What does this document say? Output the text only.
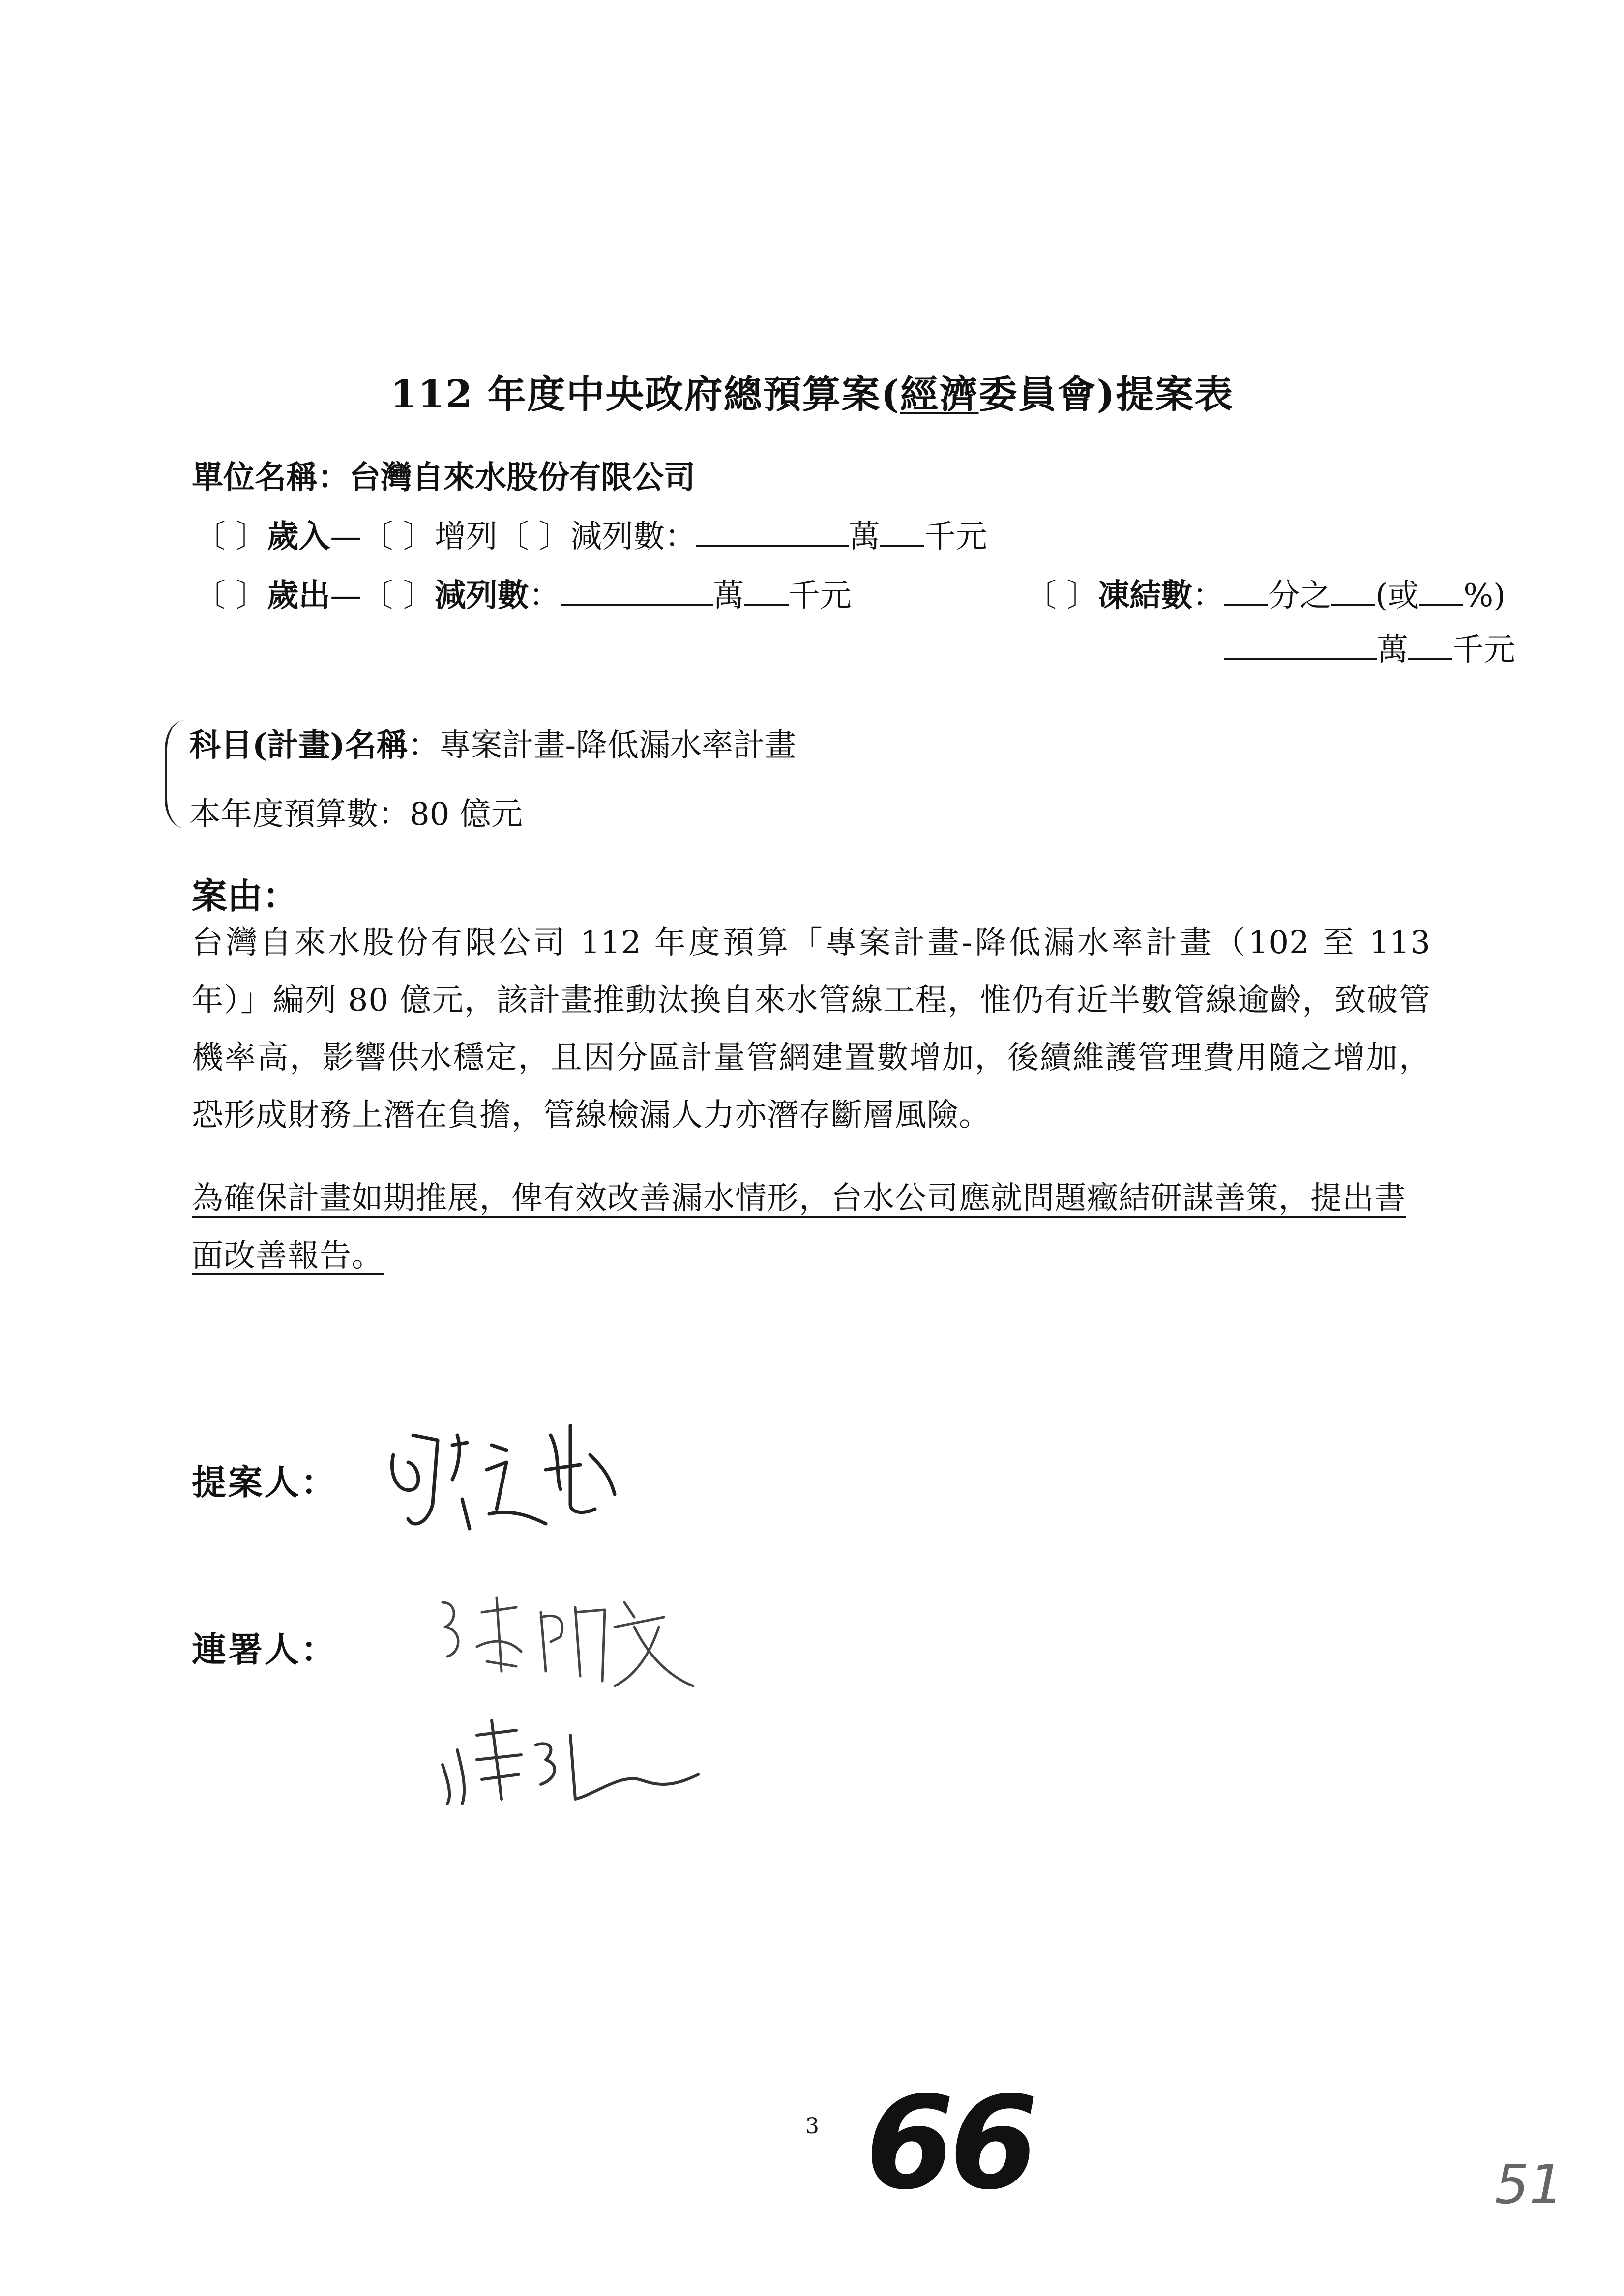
112 年度中央政府總預算案(經濟委員會)提案表
單位名稱：台灣自來水股份有限公司
〔 〕歲入—〔 〕增列〔 〕減列數：	萬 千元
〔 〕歲出—〔 〕減列數：	萬 千元	〔 〕凍結數： 分之 (或 %)
萬 千元
科目(計畫)名稱：專案計畫-降低漏水率計畫
本年度預算數：80 億元
案由：
台灣自來水股份有限公司 112 年度預算「專案計畫-降低漏水率計畫（102 至 113 年）」編列 80 億元，該計畫推動汰換自來水管線工程，惟仍有近半數管線逾齡，致破管機率高，影響供水穩定，且因分區計量管網建置數增加，後續維護管理費用隨之增加，恐形成財務上潛在負擔，管線檢漏人力亦潛存斷層風險。
為確保計畫如期推展，俾有效改善漏水情形，台水公司應就問題癥結研謀善策，提出書面改善報告。
提案人：
連署人：
3 66	51
